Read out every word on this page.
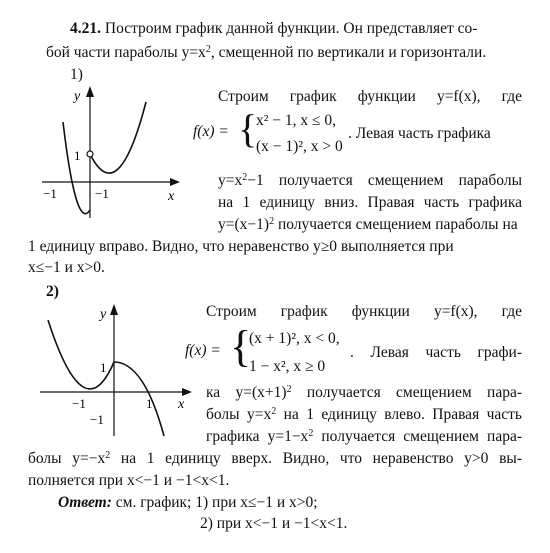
4.21. Построим график данной функции. Он представляет со-
бой части параболы $y=x^2$, смещенной по вертикали и горизонтали.
1)
y
x
1
−1	−1
Строим график функции y=f(x), где
f(x) = {
x² − 1, x ≤ 0,
(x − 1)², x > 0
. Левая часть графика
$y=x^2-1$ получается смещением параболы
на 1 единицу вниз. Правая часть графика
$y=(x-1)^2$ получается смещением параболы на
1 единицу вправо. Видно, что неравенство y≥0 выполняется при
x≤−1 и x>0.
2)
y
x
1
−1	1
−1
Строим график функции y=f(x), где
f(x) = {
(x + 1)², x < 0,
1 − x², x ≥ 0
. Левая часть графи-
ка $y=(x+1)^2$ получается смещением пара-
болы $y=x^2$ на 1 единицу влево. Правая часть
графика $y=1-x^2$ получается смещением пара-
болы $y=-x^2$ на 1 единицу вверх. Видно, что неравенство y>0 вы-
полняется при x<−1 и −1<x<1.
Ответ: см. график; 1) при x≤−1 и x>0;
2) при x<−1 и −1<x<1.
